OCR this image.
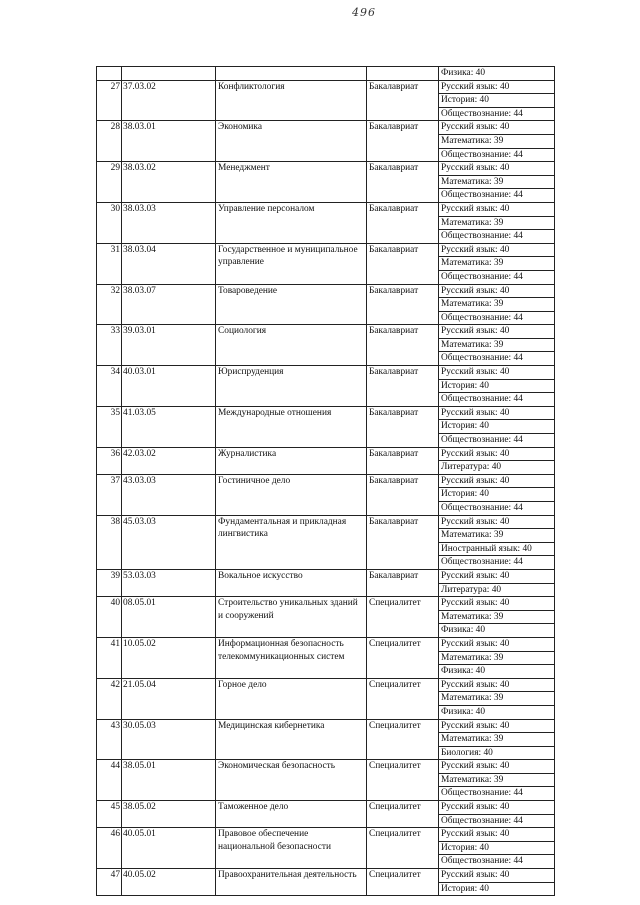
496
				Физика: 40
27	37.03.02	Конфликтология	Бакалавриат	Русский язык: 40
				История: 40
				Обществознание: 44
28	38.03.01	Экономика	Бакалавриат	Русский язык: 40
				Математика: 39
				Обществознание: 44
29	38.03.02	Менеджмент	Бакалавриат	Русский язык: 40
				Математика: 39
				Обществознание: 44
30	38.03.03	Управление персоналом	Бакалавриат	Русский язык: 40
				Математика: 39
				Обществознание: 44
31	38.03.04	Государственное и муниципальное управление	Бакалавриат	Русский язык: 40
				Математика: 39
				Обществознание: 44
32	38.03.07	Товароведение	Бакалавриат	Русский язык: 40
				Математика: 39
				Обществознание: 44
33	39.03.01	Социология	Бакалавриат	Русский язык: 40
				Математика: 39
				Обществознание: 44
34	40.03.01	Юриспруденция	Бакалавриат	Русский язык: 40
				История: 40
				Обществознание: 44
35	41.03.05	Международные отношения	Бакалавриат	Русский язык: 40
				История: 40
				Обществознание: 44
36	42.03.02	Журналистика	Бакалавриат	Русский язык: 40
				Литература: 40
37	43.03.03	Гостиничное дело	Бакалавриат	Русский язык: 40
				История: 40
				Обществознание: 44
38	45.03.03	Фундаментальная и прикладная лингвистика	Бакалавриат	Русский язык: 40
				Математика: 39
				Иностранный язык: 40
				Обществознание: 44
39	53.03.03	Вокальное искусство	Бакалавриат	Русский язык: 40
				Литература: 40
40	08.05.01	Строительство уникальных зданий и сооружений	Специалитет	Русский язык: 40
				Математика: 39
				Физика: 40
41	10.05.02	Информационная безопасность телекоммуникационных систем	Специалитет	Русский язык: 40
				Математика: 39
				Физика: 40
42	21.05.04	Горное дело	Специалитет	Русский язык: 40
				Математика: 39
				Физика: 40
43	30.05.03	Медицинская кибернетика	Специалитет	Русский язык: 40
				Математика: 39
				Биология: 40
44	38.05.01	Экономическая безопасность	Специалитет	Русский язык: 40
				Математика: 39
				Обществознание: 44
45	38.05.02	Таможенное дело	Специалитет	Русский язык: 40
				Обществознание: 44
46	40.05.01	Правовое обеспечение национальной безопасности	Специалитет	Русский язык: 40
				История: 40
				Обществознание: 44
47	40.05.02	Правоохранительная деятельность	Специалитет	Русский язык: 40
				История: 40
